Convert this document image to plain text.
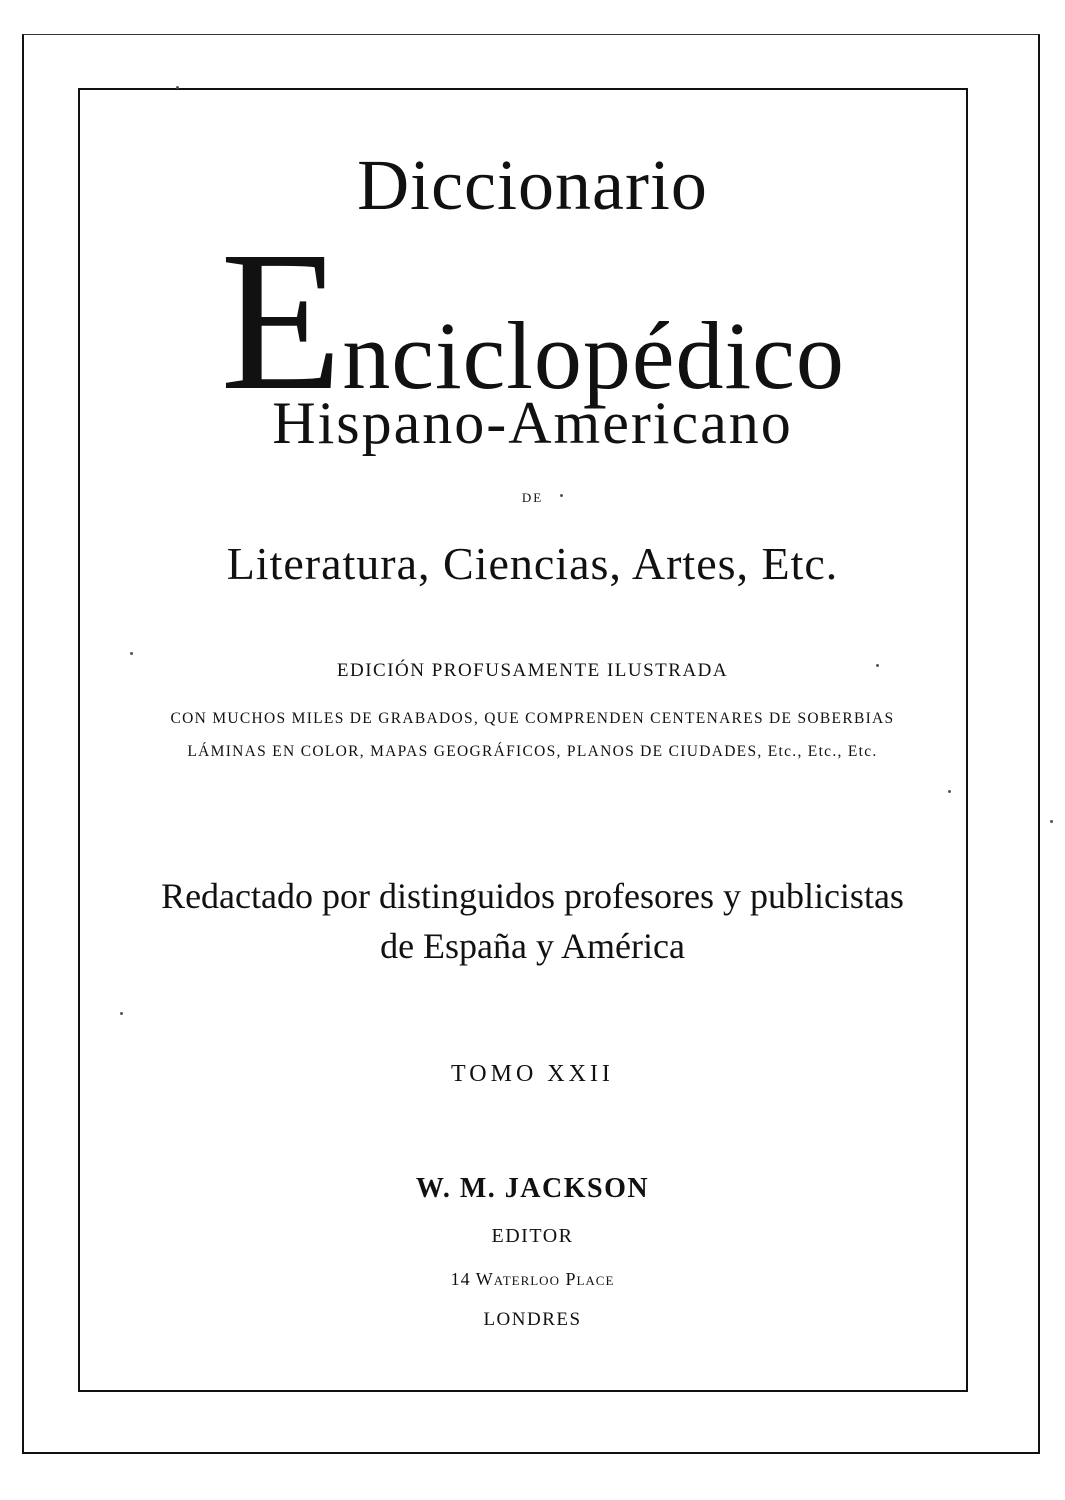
Diccionario
Enciclopédico
Hispano-Americano
DE
Literatura, Ciencias, Artes, Etc.
EDICIÓN PROFUSAMENTE ILUSTRADA
CON MUCHOS MILES DE GRABADOS, QUE COMPRENDEN CENTENARES DE SOBERBIAS
LÁMINAS EN COLOR, MAPAS GEOGRÁFICOS, PLANOS DE CIUDADES, Etc., Etc., Etc.
Redactado por distinguidos profesores y publicistas
de España y América
TOMO XXII
W. M. JACKSON
EDITOR
14 Waterloo Place
LONDRES
